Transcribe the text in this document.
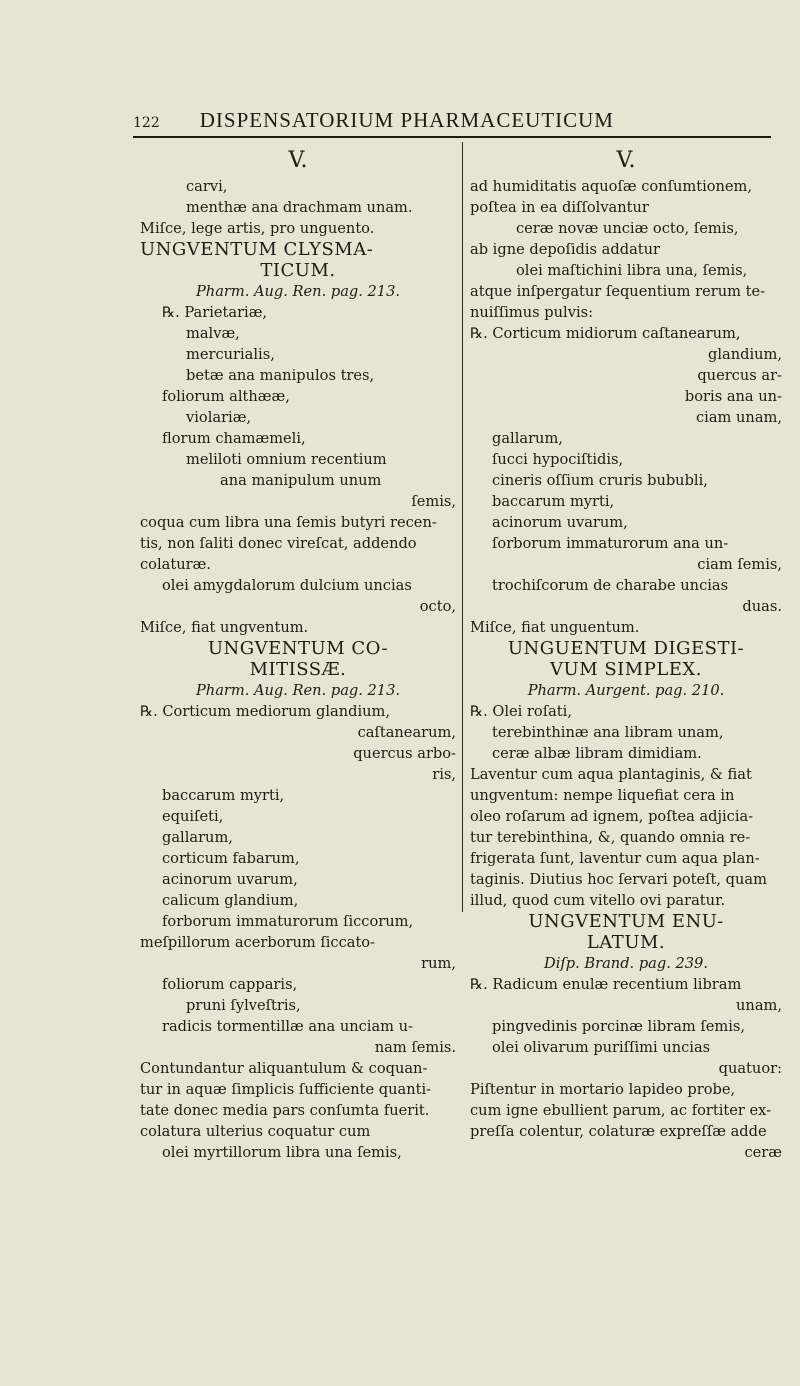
122 DISPENSATORIUM PHARMACEUTICUM
V.
carvi,
menthæ ana drachmam unam.
Miſce, lege artis, pro unguento.
UNGVENTUM CLYSMA-
TICUM.
Pharm. Aug. Ren. pag. 213.
℞. Parietariæ,
malvæ,
mercurialis,
betæ ana manipulos tres,
foliorum althææ,
violariæ,
florum chamæmeli,
meliloti omnium recentium
ana manipulum unum
ſemis,
coqua cum libra una ſemis butyri recen-
tis, non ſaliti donec vireſcat, addendo
colaturæ.
olei amygdalorum dulcium uncias
octo,
Miſce, fiat ungventum.
UNGVENTUM CO-
MITISSÆ.
Pharm. Aug. Ren. pag. 213.
℞. Corticum mediorum glandium,
caſtanearum,
quercus arbo-
ris,
baccarum myrti,
equiſeti,
gallarum,
corticum fabarum,
acinorum uvarum,
calicum glandium,
forborum immaturorum ſiccorum,
meſpillorum acerborum ſiccato-
rum,
foliorum capparis,
pruni ſylveſtris,
radicis tormentillæ ana unciam u-
nam ſemis.
Contundantur aliquantulum & coquan-
tur in aquæ ſimplicis ſufficiente quanti-
tate donec media pars conſumta fuerit.
colatura ulterius coquatur cum
olei myrtillorum libra una ſemis,
V.
ad humiditatis aquoſæ conſumtionem,
poſtea in ea diſſolvantur
ceræ novæ unciæ octo, ſemis,
ab igne depoſidis addatur
olei maſtichini libra una, ſemis,
atque inſpergatur ſequentium rerum te-
nuiſſimus pulvis:
℞. Corticum midiorum caſtanearum,
glandium,
quercus ar-
boris ana un-
ciam unam,
gallarum,
ſucci hypociſtidis,
cineris oſſium cruris bububli,
baccarum myrti,
acinorum uvarum,
ſorborum immaturorum ana un-
ciam ſemis,
trochiſcorum de charabe uncias
duas.
Miſce, fiat unguentum.
UNGUENTUM DIGESTI-
VUM SIMPLEX.
Pharm. Aurgent. pag. 210.
℞. Olei roſati,
terebinthinæ ana libram unam,
ceræ albæ libram dimidiam.
Laventur cum aqua plantaginis, & fiat
ungventum: nempe liquefiat cera in
oleo roſarum ad ignem, poſtea adjicia-
tur terebinthina, &, quando omnia re-
frigerata ſunt, laventur cum aqua plan-
taginis. Diutius hoc ſervari poteſt, quam
illud, quod cum vitello ovi paratur.
UNGVENTUM ENU-
LATUM.
Diſp. Brand. pag. 239.
℞. Radicum enulæ recentium libram
unam,
pingvedinis porcinæ libram ſemis,
olei olivarum puriſſimi uncias
quatuor:
Piſtentur in mortario lapideo probe,
cum igne ebullient parum, ac fortiter ex-
preſſa colentur, colaturæ expreſſæ adde
ceræ
